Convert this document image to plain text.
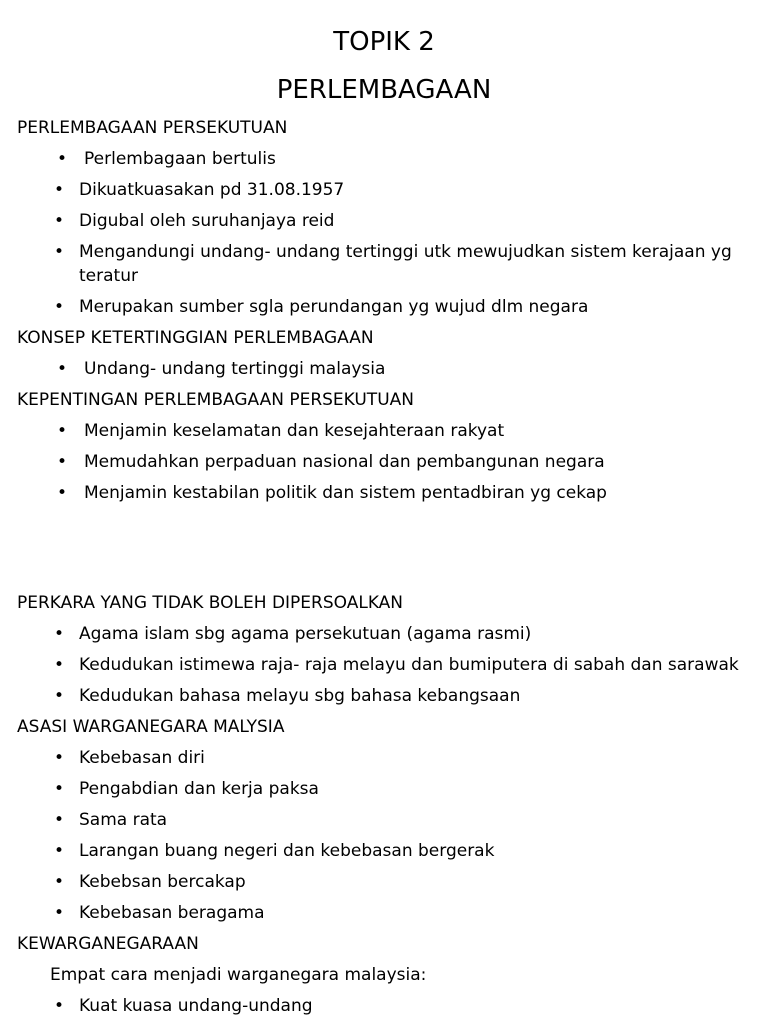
TOPIK 2
PERLEMBAGAAN
PERLEMBAGAAN PERSEKUTUAN
• Perlembagaan bertulis
• Dikuatkuasakan pd 31.08.1957
• Digubal oleh suruhanjaya reid
• Mengandungi undang- undang tertinggi utk mewujudkan sistem kerajaan yg teratur
• Merupakan sumber sgla perundangan yg wujud dlm negara
KONSEP KETERTINGGIAN PERLEMBAGAAN
• Undang- undang tertinggi malaysia
KEPENTINGAN PERLEMBAGAAN PERSEKUTUAN
• Menjamin keselamatan dan kesejahteraan rakyat
• Memudahkan perpaduan nasional dan pembangunan negara
• Menjamin kestabilan politik dan sistem pentadbiran yg cekap
PERKARA YANG TIDAK BOLEH DIPERSOALKAN
• Agama islam sbg agama persekutuan (agama rasmi)
• Kedudukan istimewa raja- raja melayu dan bumiputera di sabah dan sarawak
• Kedudukan bahasa melayu sbg bahasa kebangsaan
ASASI WARGANEGARA MALYSIA
• Kebebasan diri
• Pengabdian dan kerja paksa
• Sama rata
• Larangan buang negeri dan kebebasan bergerak
• Kebebsan bercakap
• Kebebasan beragama
KEWARGANEGARAAN
Empat cara menjadi warganegara malaysia:
• Kuat kuasa undang-undang
